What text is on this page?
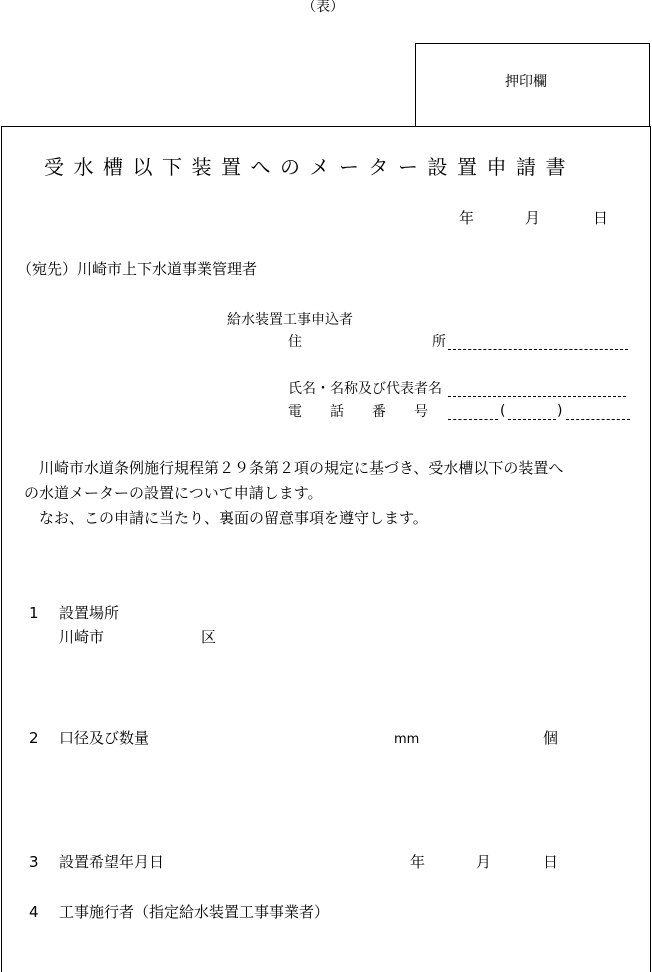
（表）
押印欄
受水槽以下装置へのメーター設置申請書
年	月	日
（宛先）川崎市上下水道事業管理者
給水装置工事申込者
住	所
氏名・名称及び代表者名
電　　話　　番　　号	(	)

　川崎市水道条例施行規程第２９条第２項の規定に基づき、受水槽以下の装置へ

の水道メーターの設置について申請します。

　なお、この申請に当たり、裏面の留意事項を遵守します。

1 設置場所
川崎市	区
2 口径及び数量	mm	個
3 設置希望年月日	年	月	日
4 工事施行者（指定給水装置工事事業者）
